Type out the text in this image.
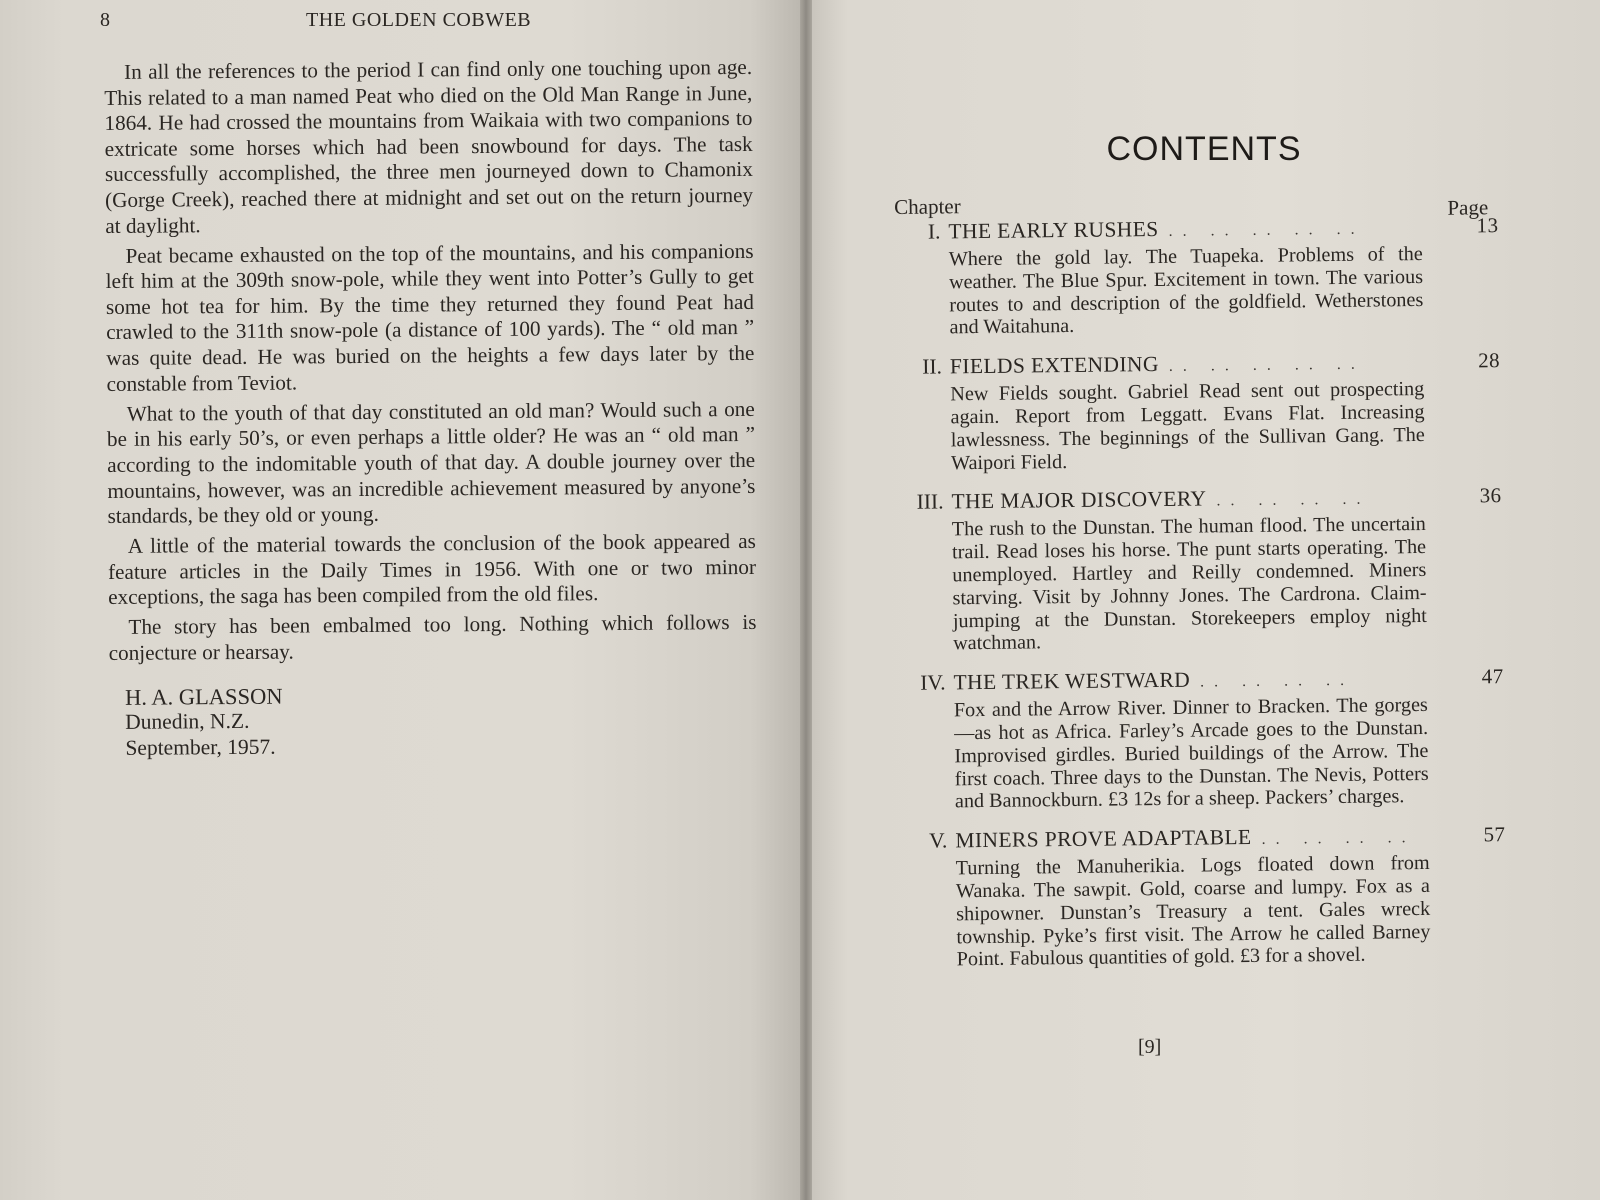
8	THE GOLDEN COBWEB

In all the references to the period I can find only one touching upon age. This related to a man named Peat who died on the Old Man Range in June, 1864. He had crossed the mountains from Waikaia with two companions to extricate some horses which had been snowbound for days. The task successfully accomplished, the three men journeyed down to Chamonix (Gorge Creek), reached there at midnight and set out on the return journey at daylight.

Peat became exhausted on the top of the mountains, and his companions left him at the 309th snow-pole, while they went into Potter’s Gully to get some hot tea for him. By the time they returned they found Peat had crawled to the 311th snow-pole (a distance of 100 yards). The “ old man ” was quite dead. He was buried on the heights a few days later by the constable from Teviot.

What to the youth of that day constituted an old man? Would such a one be in his early 50’s, or even perhaps a little older? He was an “ old man ” according to the indomitable youth of that day. A double journey over the mountains, however, was an incredible achievement measured by anyone’s standards, be they old or young.

A little of the material towards the conclusion of the book appeared as feature articles in the Daily Times in 1956. With one or two minor exceptions, the saga has been compiled from the old files.

The story has been embalmed too long. Nothing which follows is conjecture or hearsay.

H. A. GLASSON
Dunedin, N.Z.
September, 1957.
CONTENTS
Chapter	Page
I. THE EARLY RUSHES .. .. .. .. ..	13

Where the gold lay. The Tuapeka. Problems of the weather. The Blue Spur. Excitement in town. The various routes to and description of the goldfield. Wetherstones and Waitahuna.

II. FIELDS EXTENDING .. .. .. .. ..	28

New Fields sought. Gabriel Read sent out prospecting again. Report from Leggatt. Evans Flat. Increasing lawlessness. The beginnings of the Sullivan Gang. The Waipori Field.

III. THE MAJOR DISCOVERY .. .. .. ..	36

The rush to the Dunstan. The human flood. The uncertain trail. Read loses his horse. The punt starts operating. The unemployed. Hartley and Reilly condemned. Miners starving. Visit by Johnny Jones. The Cardrona. Claim-jumping at the Dunstan. Storekeepers employ night watchman.

IV. THE TREK WESTWARD .. .. .. ..	47

Fox and the Arrow River. Dinner to Bracken. The gorges—as hot as Africa. Farley’s Arcade goes to the Dunstan. Improvised girdles. Buried buildings of the Arrow. The first coach. Three days to the Dunstan. The Nevis, Potters and Bannockburn. £3 12s for a sheep. Packers’ charges.

V. MINERS PROVE ADAPTABLE .. .. .. ..	57

Turning the Manuherikia. Logs floated down from Wanaka. The sawpit. Gold, coarse and lumpy. Fox as a shipowner. Dunstan’s Treasury a tent. Gales wreck township. Pyke’s first visit. The Arrow he called Barney Point. Fabulous quantities of gold. £3 for a shovel.

[9]
